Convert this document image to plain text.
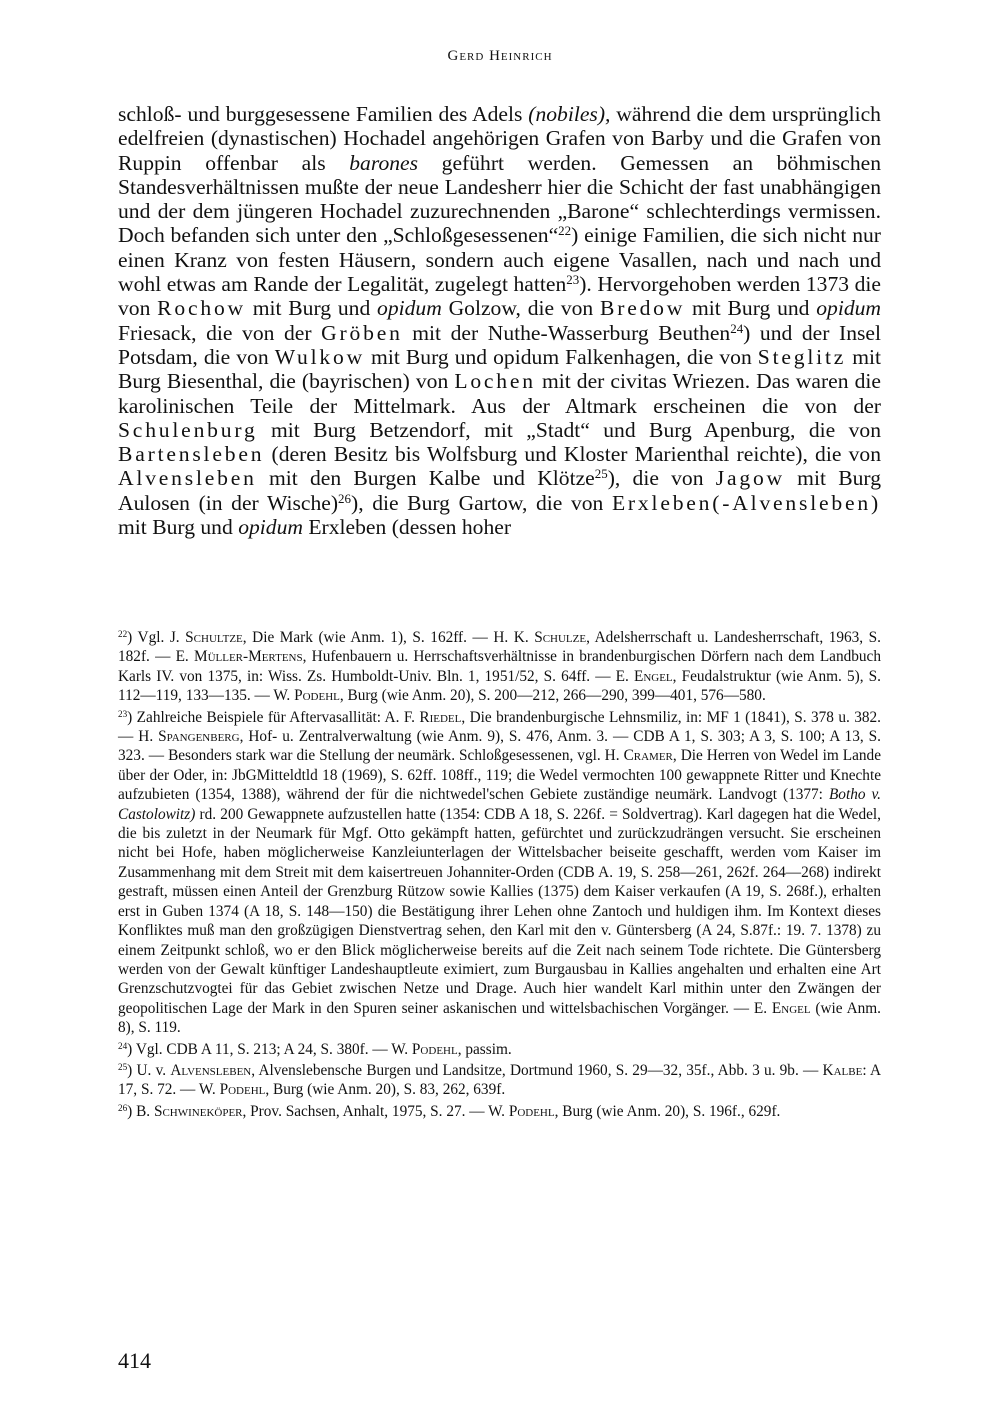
Gerd Heinrich

schloß- und burggesessene Familien des Adels (nobiles), während die dem ursprünglich edelfreien (dynastischen) Hochadel angehörigen Grafen von Barby und die Grafen von Ruppin offenbar als barones geführt werden. Gemessen an böhmischen Standesverhältnissen mußte der neue Landesherr hier die Schicht der fast unabhängigen und der dem jüngeren Hochadel zuzurechnenden „Barone“ schlechterdings vermissen. Doch befanden sich unter den „Schloßgesessenen“$^{22}$) einige Familien, die sich nicht nur einen Kranz von festen Häusern, sondern auch eigene Vasallen, nach und nach und wohl etwas am Rande der Legalität, zugelegt hatten$^{23}$). Hervorgehoben werden 1373 die von Rochow mit Burg und opidum Golzow, die von Bredow mit Burg und opidum Friesack, die von der Gröben mit der Nuthe-Wasserburg Beuthen$^{24}$) und der Insel Potsdam, die von Wulkow mit Burg und opidum Falkenhagen, die von Steglitz mit Burg Biesenthal, die (bayrischen) von Lochen mit der civitas Wriezen. Das waren die karolinischen Teile der Mittelmark. Aus der Altmark erscheinen die von der Schulenburg mit Burg Betzendorf, mit „Stadt“ und Burg Apenburg, die von Bartensleben (deren Besitz bis Wolfsburg und Kloster Marienthal reichte), die von Alvensleben mit den Burgen Kalbe und Klötze$^{25}$), die von Jagow mit Burg Aulosen (in der Wische)$^{26}$), die Burg Gartow, die von Erxleben(-Alvensleben) mit Burg und opidum Erxleben (dessen hoher

$^{22}$) Vgl. J. Schultze, Die Mark (wie Anm. 1), S. 162ff. — H. K. Schulze, Adelsherrschaft u. Landesherrschaft, 1963, S. 182f. — E. Müller-Mertens, Hufenbauern u. Herrschaftsverhältnisse in brandenburgischen Dörfern nach dem Landbuch Karls IV. von 1375, in: Wiss. Zs. Humboldt-Univ. Bln. 1, 1951/52, S. 64ff. — E. Engel, Feudalstruktur (wie Anm. 5), S. 112—119, 133—135. — W. Podehl, Burg (wie Anm. 20), S. 200—212, 266—290, 399—401, 576—580.

$^{23}$) Zahlreiche Beispiele für Aftervasallität: A. F. Riedel, Die brandenburgische Lehnsmiliz, in: MF 1 (1841), S. 378 u. 382. — H. Spangenberg, Hof- u. Zentralverwaltung (wie Anm. 9), S. 476, Anm. 3. — CDB A 1, S. 303; A 3, S. 100; A 13, S. 323. — Besonders stark war die Stellung der neumärk. Schloßgesessenen, vgl. H. Cramer, Die Herren von Wedel im Lande über der Oder, in: JbGMitteldtld 18 (1969), S. 62ff. 108ff., 119; die Wedel vermochten 100 gewappnete Ritter und Knechte aufzubieten (1354, 1388), während der für die nichtwedel'schen Gebiete zuständige neumärk. Landvogt (1377: Botho v. Castolowitz) rd. 200 Gewappnete aufzustellen hatte (1354: CDB A 18, S. 226f. = Soldvertrag). Karl dagegen hat die Wedel, die bis zuletzt in der Neumark für Mgf. Otto gekämpft hatten, gefürchtet und zurückzudrängen versucht. Sie erscheinen nicht bei Hofe, haben möglicherweise Kanzleiunterlagen der Wittelsbacher beiseite geschafft, werden vom Kaiser im Zusammenhang mit dem Streit mit dem kaisertreuen Johanniter-Orden (CDB A. 19, S. 258—261, 262f. 264—268) indirekt gestraft, müssen einen Anteil der Grenzburg Rützow sowie Kallies (1375) dem Kaiser verkaufen (A 19, S. 268f.), erhalten erst in Guben 1374 (A 18, S. 148—150) die Bestätigung ihrer Lehen ohne Zantoch und huldigen ihm. Im Kontext dieses Konfliktes muß man den großzügigen Dienstvertrag sehen, den Karl mit den v. Güntersberg (A 24, S.87f.: 19. 7. 1378) zu einem Zeitpunkt schloß, wo er den Blick möglicherweise bereits auf die Zeit nach seinem Tode richtete. Die Güntersberg werden von der Gewalt künftiger Landeshauptleute eximiert, zum Burgausbau in Kallies angehalten und erhalten eine Art Grenzschutzvogtei für das Gebiet zwischen Netze und Drage. Auch hier wandelt Karl mithin unter den Zwängen der geopolitischen Lage der Mark in den Spuren seiner askanischen und wittelsbachischen Vorgänger. — E. Engel (wie Anm. 8), S. 119.

$^{24}$) Vgl. CDB A 11, S. 213; A 24, S. 380f. — W. Podehl, passim.

$^{25}$) U. v. Alvensleben, Alvenslebensche Burgen und Landsitze, Dortmund 1960, S. 29—32, 35f., Abb. 3 u. 9b. — Kalbe: A 17, S. 72. — W. Podehl, Burg (wie Anm. 20), S. 83, 262, 639f.

$^{26}$) B. Schwineköper, Prov. Sachsen, Anhalt, 1975, S. 27. — W. Podehl, Burg (wie Anm. 20), S. 196f., 629f.

414
